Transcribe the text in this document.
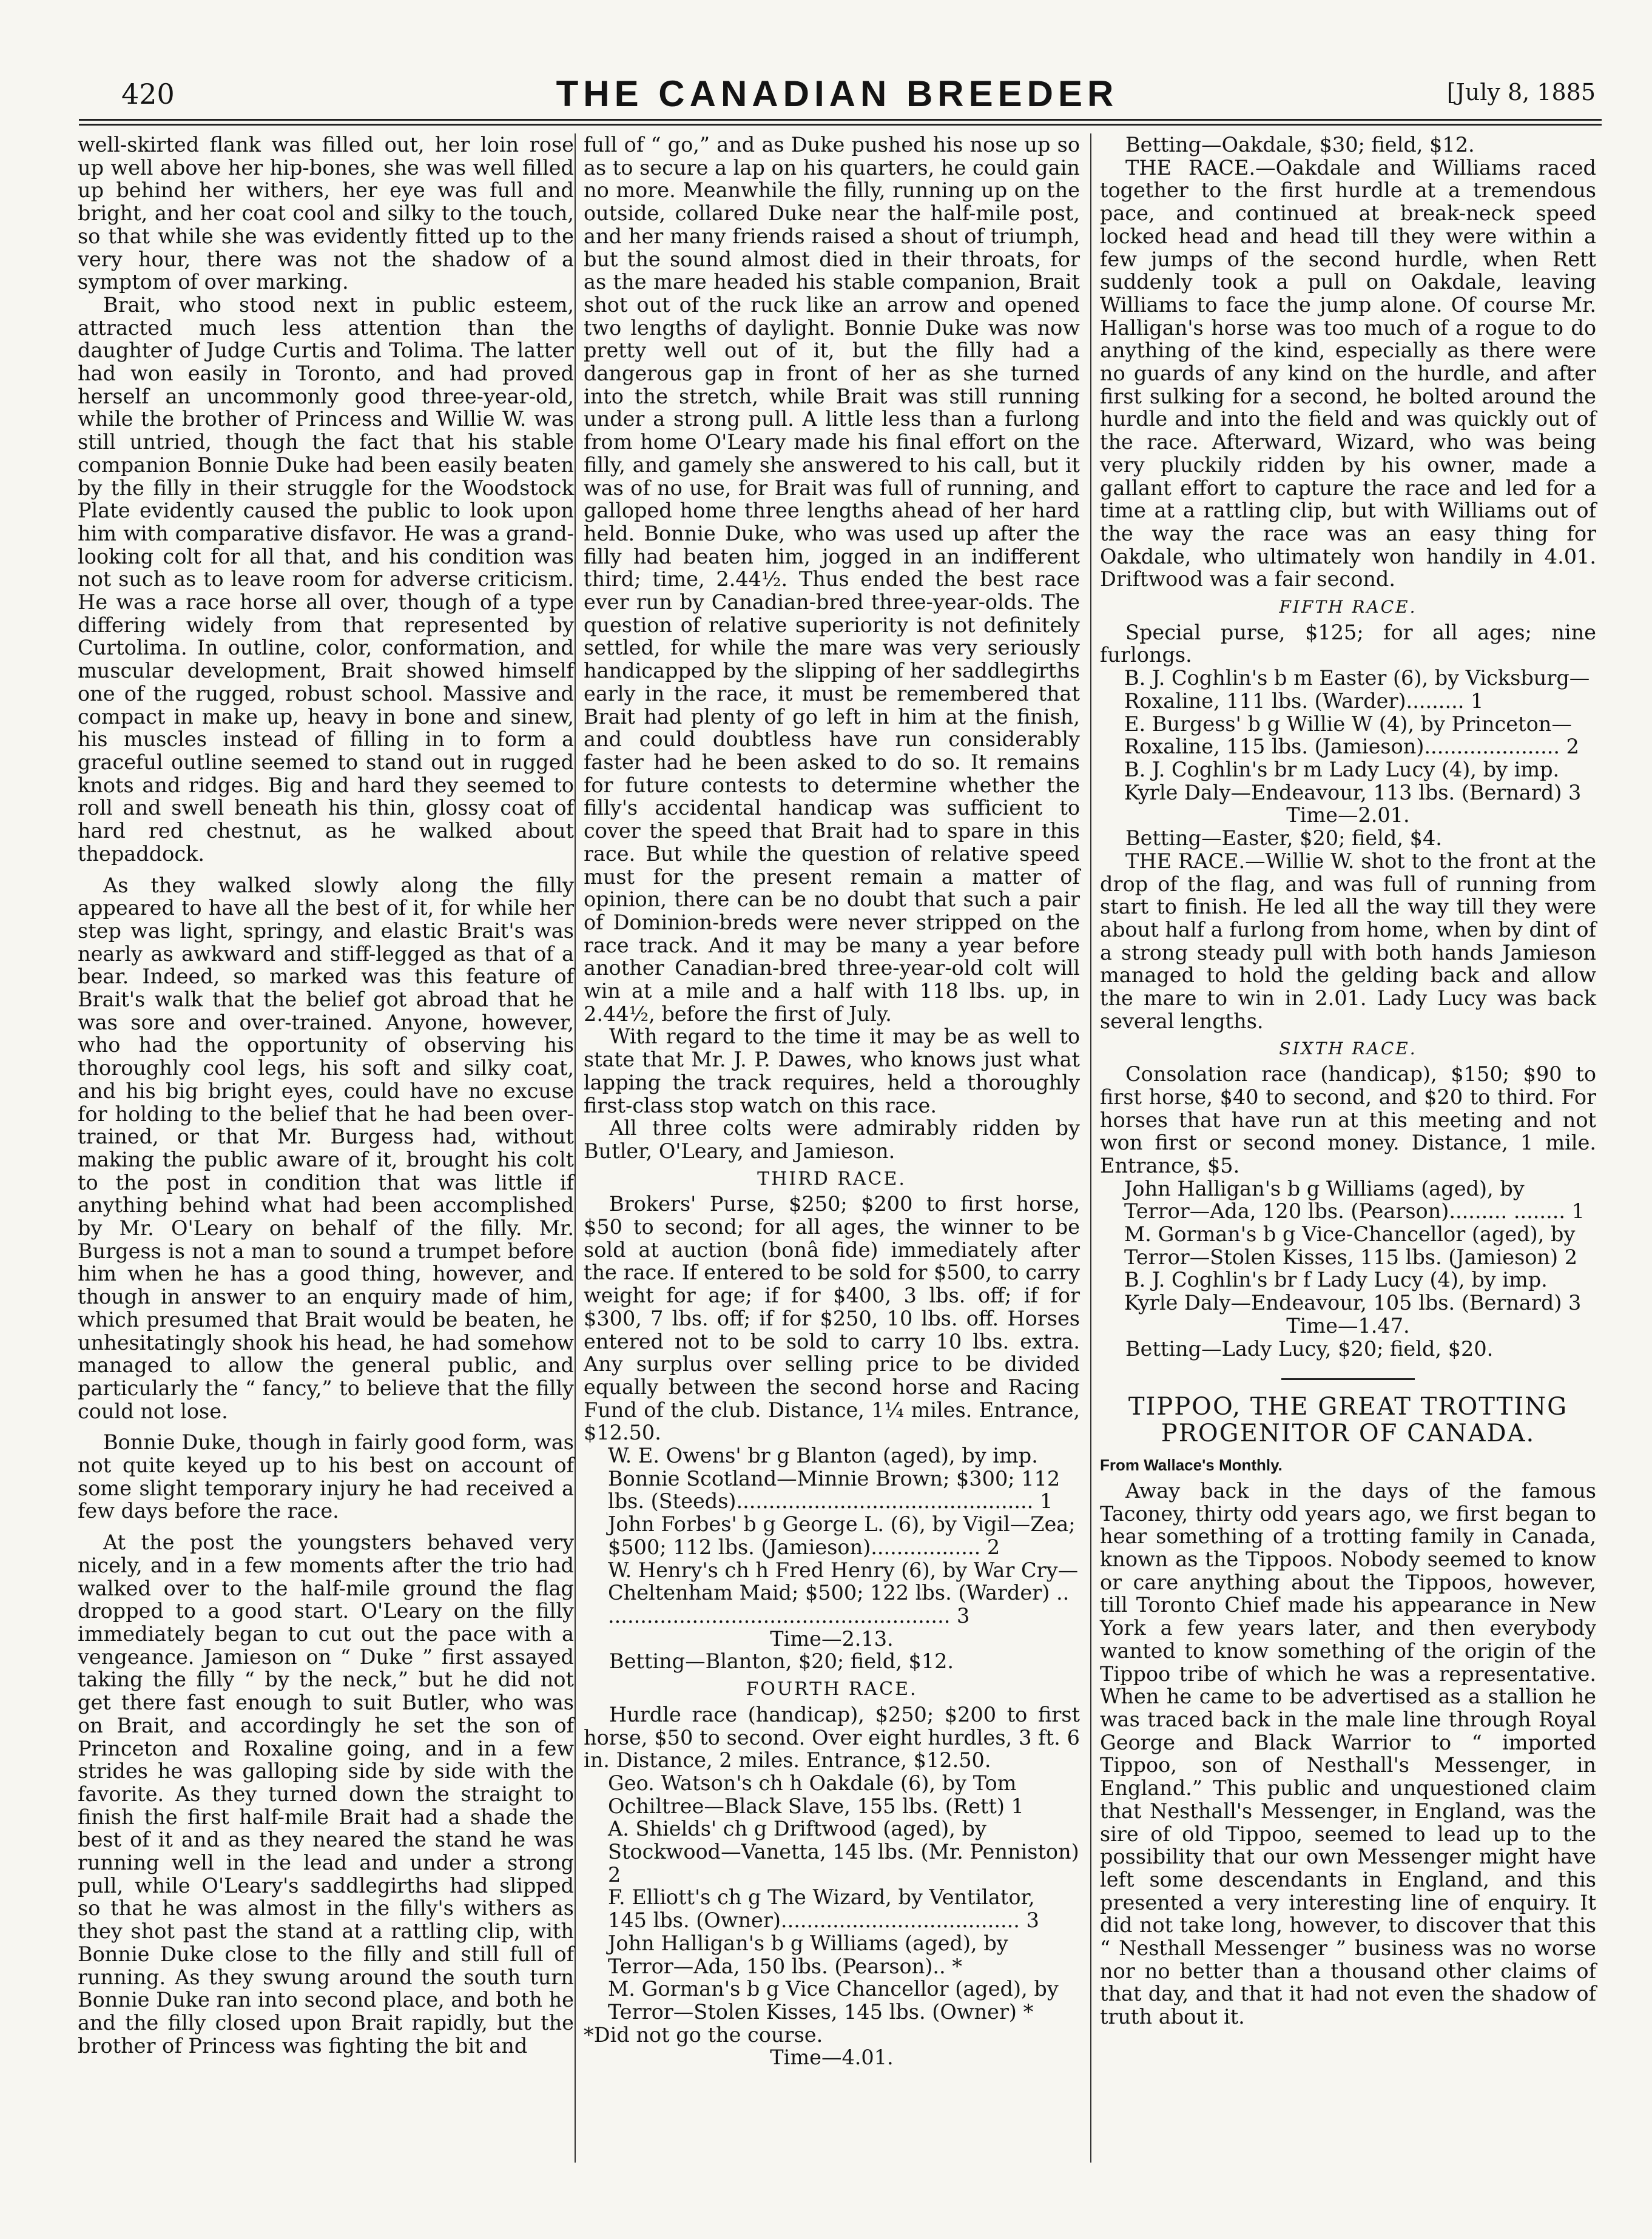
420	THE CANADIAN BREEDER	[July 8, 1885

well-skirted flank was filled out, her loin rose up well above her hip-bones, she was well filled up behind her withers, her eye was full and bright, and her coat cool and silky to the touch, so that while she was evidently fitted up to the very hour, there was not the shadow of a symptom of over marking.

Brait, who stood next in public esteem, attracted much less attention than the daughter of Judge Curtis and Tolima. The latter had won easily in Toronto, and had proved herself an uncommonly good three-year-old, while the brother of Princess and Willie W. was still untried, though the fact that his stable companion Bonnie Duke had been easily beaten by the filly in their struggle for the Woodstock Plate evidently caused the public to look upon him with comparative disfavor. He was a grand-looking colt for all that, and his condition was not such as to leave room for adverse criticism. He was a race horse all over, though of a type differing widely from that represented by Curtolima. In outline, color, conformation, and muscular development, Brait showed himself one of the rugged, robust school. Massive and compact in make up, heavy in bone and sinew, his muscles instead of filling in to form a graceful outline seemed to stand out in rugged knots and ridges. Big and hard they seemed to roll and swell beneath his thin, glossy coat of hard red chestnut, as he walked about thepaddock.

As they walked slowly along the filly appeared to have all the best of it, for while her step was light, springy, and elastic Brait's was nearly as awkward and stiff-legged as that of a bear. Indeed, so marked was this feature of Brait's walk that the belief got abroad that he was sore and over-trained. Anyone, however, who had the opportunity of observing his thoroughly cool legs, his soft and silky coat, and his big bright eyes, could have no excuse for holding to the belief that he had been over-trained, or that Mr. Burgess had, without making the public aware of it, brought his colt to the post in condition that was little if anything behind what had been accomplished by Mr. O'Leary on behalf of the filly. Mr. Burgess is not a man to sound a trumpet before him when he has a good thing, however, and though in answer to an enquiry made of him, which presumed that Brait would be beaten, he unhesitatingly shook his head, he had somehow managed to allow the general public, and particularly the “ fancy,” to believe that the filly could not lose.

Bonnie Duke, though in fairly good form, was not quite keyed up to his best on account of some slight temporary injury he had received a few days before the race.

At the post the youngsters behaved very nicely, and in a few moments after the trio had walked over to the half-mile ground the flag dropped to a good start. O'Leary on the filly immediately began to cut out the pace with a vengeance. Jamieson on “ Duke ” first assayed taking the filly “ by the neck,” but he did not get there fast enough to suit Butler, who was on Brait, and accordingly he set the son of Princeton and Roxaline going, and in a few strides he was galloping side by side with the favorite. As they turned down the straight to finish the first half-mile Brait had a shade the best of it and as they neared the stand he was running well in the lead and under a strong pull, while O'Leary's saddlegirths had slipped so that he was almost in the filly's withers as they shot past the stand at a rattling clip, with Bonnie Duke close to the filly and still full of running. As they swung around the south turn Bonnie Duke ran into second place, and both he and the filly closed upon Brait rapidly, but the brother of Princess was fighting the bit and

full of “ go,” and as Duke pushed his nose up so as to secure a lap on his quarters, he could gain no more. Meanwhile the filly, running up on the outside, collared Duke near the half-mile post, and her many friends raised a shout of triumph, but the sound almost died in their throats, for as the mare headed his stable companion, Brait shot out of the ruck like an arrow and opened two lengths of daylight. Bonnie Duke was now pretty well out of it, but the filly had a dangerous gap in front of her as she turned into the stretch, while Brait was still running under a strong pull. A little less than a furlong from home O'Leary made his final effort on the filly, and gamely she answered to his call, but it was of no use, for Brait was full of running, and galloped home three lengths ahead of her hard held. Bonnie Duke, who was used up after the filly had beaten him, jogged in an indifferent third; time, 2.44½. Thus ended the best race ever run by Canadian-bred three-year-olds. The question of relative superiority is not definitely settled, for while the mare was very seriously handicapped by the slipping of her saddlegirths early in the race, it must be remembered that Brait had plenty of go left in him at the finish, and could doubtless have run considerably faster had he been asked to do so. It remains for future contests to determine whether the filly's accidental handicap was sufficient to cover the speed that Brait had to spare in this race. But while the question of relative speed must for the present remain a matter of opinion, there can be no doubt that such a pair of Dominion-breds were never stripped on the race track. And it may be many a year before another Canadian-bred three-year-old colt will win at a mile and a half with 118 lbs. up, in 2.44½, before the first of July.

With regard to the time it may be as well to state that Mr. J. P. Dawes, who knows just what lapping the track requires, held a thoroughly first-class stop watch on this race.

All three colts were admirably ridden by Butler, O'Leary, and Jamieson.

THIRD RACE.

Brokers' Purse, $250; $200 to first horse, $50 to second; for all ages, the winner to be sold at auction (bonâ fide) immediately after the race. If entered to be sold for $500, to carry weight for age; if for $400, 3 lbs. off; if for $300, 7 lbs. off; if for $250, 10 lbs. off. Horses entered not to be sold to carry 10 lbs. extra. Any surplus over selling price to be divided equally between the second horse and Racing Fund of the club. Distance, 1¼ miles. Entrance, $12.50.

W. E. Owens' br g Blanton (aged), by imp. Bonnie Scotland—Minnie Brown; $300; 112 lbs. (Steeds).............................................. 1

John Forbes' b g George L. (6), by Vigil—Zea; $500; 112 lbs. (Jamieson)................. 2

W. Henry's ch h Fred Henry (6), by War Cry—Cheltenham Maid; $500; 122 lbs. (Warder) .. ..................................................... 3

Time—2.13.

Betting—Blanton, $20; field, $12.

FOURTH RACE.

Hurdle race (handicap), $250; $200 to first horse, $50 to second. Over eight hurdles, 3 ft. 6 in. Distance, 2 miles. Entrance, $12.50.

Geo. Watson's ch h Oakdale (6), by Tom Ochiltree—Black Slave, 155 lbs. (Rett) 1

A. Shields' ch g Driftwood (aged), by Stockwood—Vanetta, 145 lbs. (Mr. Penniston) 2

F. Elliott's ch g The Wizard, by Ventilator, 145 lbs. (Owner)..................................... 3

John Halligan's b g Williams (aged), by Terror—Ada, 150 lbs. (Pearson).. *

M. Gorman's b g Vice Chancellor (aged), by Terror—Stolen Kisses, 145 lbs. (Owner) *

*Did not go the course.

Time—4.01.

Betting—Oakdale, $30; field, $12.

THE RACE.—Oakdale and Williams raced together to the first hurdle at a tremendous pace, and continued at break-neck speed locked head and head till they were within a few jumps of the second hurdle, when Rett suddenly took a pull on Oakdale, leaving Williams to face the jump alone. Of course Mr. Halligan's horse was too much of a rogue to do anything of the kind, especially as there were no guards of any kind on the hurdle, and after first sulking for a second, he bolted around the hurdle and into the field and was quickly out of the race. Afterward, Wizard, who was being very pluckily ridden by his owner, made a gallant effort to capture the race and led for a time at a rattling clip, but with Williams out of the way the race was an easy thing for Oakdale, who ultimately won handily in 4.01. Driftwood was a fair second.

FIFTH RACE.

Special purse, $125; for all ages; nine furlongs.

B. J. Coghlin's b m Easter (6), by Vicksburg—Roxaline, 111 lbs. (Warder)......... 1

E. Burgess' b g Willie W (4), by Princeton—Roxaline, 115 lbs. (Jamieson)..................... 2

B. J. Coghlin's br m Lady Lucy (4), by imp. Kyrle Daly—Endeavour, 113 lbs. (Bernard) 3

Time—2.01.

Betting—Easter, $20; field, $4.

THE RACE.—Willie W. shot to the front at the drop of the flag, and was full of running from start to finish. He led all the way till they were about half a furlong from home, when by dint of a strong steady pull with both hands Jamieson managed to hold the gelding back and allow the mare to win in 2.01. Lady Lucy was back several lengths.

SIXTH RACE.

Consolation race (handicap), $150; $90 to first horse, $40 to second, and $20 to third. For horses that have run at this meeting and not won first or second money. Distance, 1 mile. Entrance, $5.

John Halligan's b g Williams (aged), by Terror—Ada, 120 lbs. (Pearson)......... ........ 1

M. Gorman's b g Vice-Chancellor (aged), by Terror—Stolen Kisses, 115 lbs. (Jamieson) 2

B. J. Coghlin's br f Lady Lucy (4), by imp. Kyrle Daly—Endeavour, 105 lbs. (Bernard) 3

Time—1.47.

Betting—Lady Lucy, $20; field, $20.

TIPPOO, THE GREAT TROTTING PROGENITOR OF CANADA.

From Wallace's Monthly.

Away back in the days of the famous Taconey, thirty odd years ago, we first began to hear something of a trotting family in Canada, known as the Tippoos. Nobody seemed to know or care anything about the Tippoos, however, till Toronto Chief made his appearance in New York a few years later, and then everybody wanted to know something of the origin of the Tippoo tribe of which he was a representative. When he came to be advertised as a stallion he was traced back in the male line through Royal George and Black Warrior to “ imported Tippoo, son of Nesthall's Messenger, in England.” This public and unquestioned claim that Nesthall's Messenger, in England, was the sire of old Tippoo, seemed to lead up to the possibility that our own Messenger might have left some descendants in England, and this presented a very interesting line of enquiry. It did not take long, however, to discover that this “ Nesthall Messenger ” business was no worse nor no better than a thousand other claims of that day, and that it had not even the shadow of truth about it.
